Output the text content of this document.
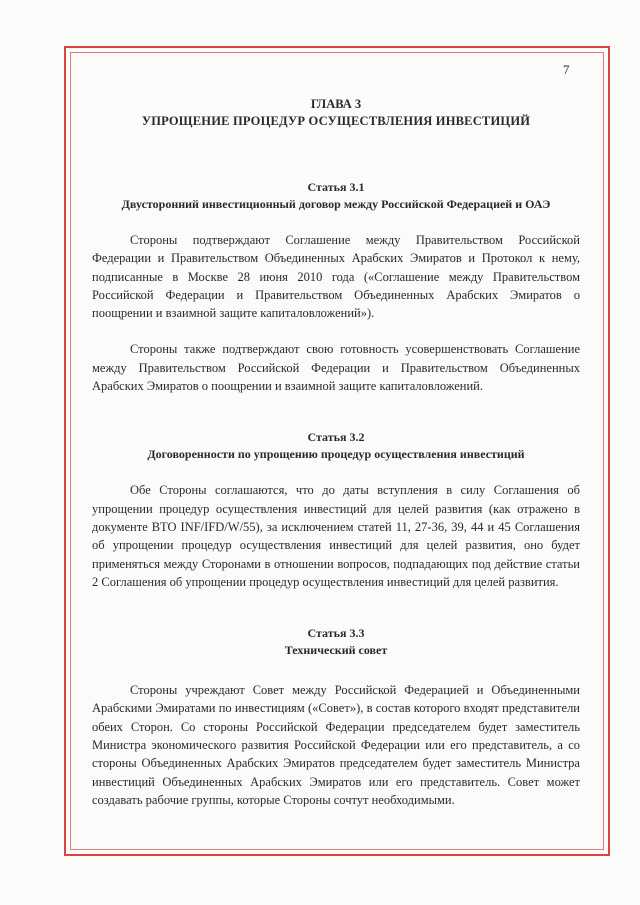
7
ГЛАВА 3
УПРОЩЕНИЕ ПРОЦЕДУР ОСУЩЕСТВЛЕНИЯ ИНВЕСТИЦИЙ
Статья 3.1
Двусторонний инвестиционный договор между Российской Федерацией и ОАЭ

Стороны подтверждают Соглашение между Правительством Российской Федерации и Правительством Объединенных Арабских Эмиратов и Протокол к нему, подписанные в Москве 28 июня 2010 года («Соглашение между Правительством Российской Федерации и Правительством Объединенных Арабских Эмиратов о поощрении и взаимной защите капиталовложений»).

Стороны также подтверждают свою готовность усовершенствовать Соглашение между Правительством Российской Федерации и Правительством Объединенных Арабских Эмиратов о поощрении и взаимной защите капиталовложений.

Статья 3.2
Договоренности по упрощению процедур осуществления инвестиций

Обе Стороны соглашаются, что до даты вступления в силу Соглашения об упрощении процедур осуществления инвестиций для целей развития (как отражено в документе ВТО INF/IFD/W/55), за исключением статей 11, 27-36, 39, 44 и 45 Соглашения об упрощении процедур осуществления инвестиций для целей развития, оно будет применяться между Сторонами в отношении вопросов, подпадающих под действие статьи 2 Соглашения об упрощении процедур осуществления инвестиций для целей развития.

Статья 3.3
Технический совет

Стороны учреждают Совет между Российской Федерацией и Объединенными Арабскими Эмиратами по инвестициям («Совет»), в состав которого входят представители обеих Сторон. Со стороны Российской Федерации председателем будет заместитель Министра экономического развития Российской Федерации или его представитель, а со стороны Объединенных Арабских Эмиратов председателем будет заместитель Министра инвестиций Объединенных Арабских Эмиратов или его представитель. Совет может создавать рабочие группы, которые Стороны сочтут необходимыми.
